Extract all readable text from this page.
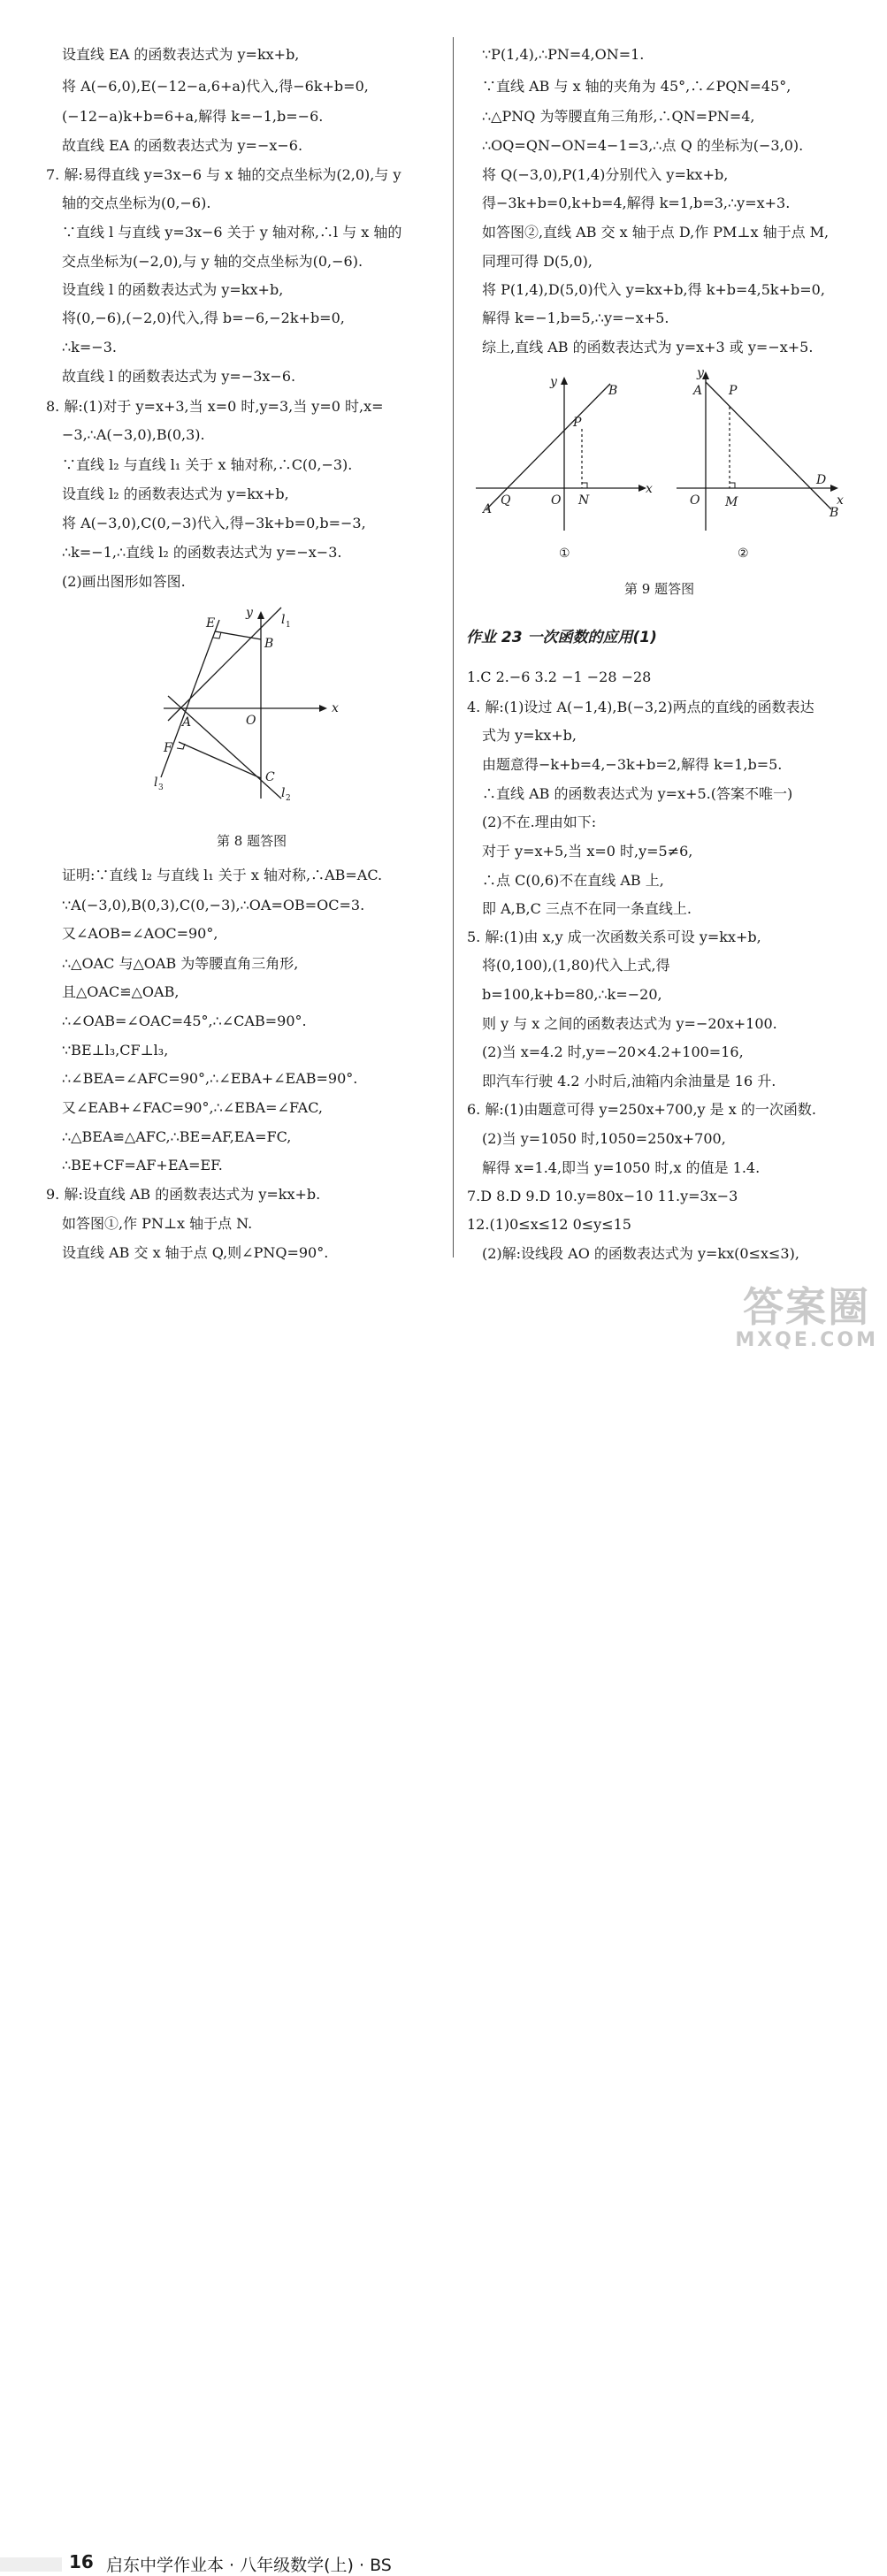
设直线 EA 的函数表达式为 y=kx+b,
将 A(−6,0),E(−12−a,6+a)代入,得−6k+b=0,
(−12−a)k+b=6+a,解得 k=−1,b=−6.
故直线 EA 的函数表达式为 y=−x−6.
7. 解:易得直线 y=3x−6 与 x 轴的交点坐标为(2,0),与 y
轴的交点坐标为(0,−6).
∵直线 l 与直线 y=3x−6 关于 y 轴对称,∴l 与 x 轴的
交点坐标为(−2,0),与 y 轴的交点坐标为(0,−6).
设直线 l 的函数表达式为 y=kx+b,
将(0,−6),(−2,0)代入,得 b=−6,−2k+b=0,
∴k=−3.
故直线 l 的函数表达式为 y=−3x−6.
8. 解:(1)对于 y=x+3,当 x=0 时,y=3,当 y=0 时,x=
−3,∴A(−3,0),B(0,3).
∵直线 l₂ 与直线 l₁ 关于 x 轴对称,∴C(0,−3).
设直线 l₂ 的函数表达式为 y=kx+b,
将 A(−3,0),C(0,−3)代入,得−3k+b=0,b=−3,
∴k=−1,∴直线 l₂ 的函数表达式为 y=−x−3.
(2)画出图形如答图.
E
B
y l 1
A	O
x
F
C
l 3	l 2
第 8 题答图
证明:∵直线 l₂ 与直线 l₁ 关于 x 轴对称,∴AB=AC.
∵A(−3,0),B(0,3),C(0,−3),∴OA=OB=OC=3.
又∠AOB=∠AOC=90°,
∴△OAC 与△OAB 为等腰直角三角形,
且△OAC≌△OAB,
∴∠OAB=∠OAC=45°,∴∠CAB=90°.
∵BE⊥l₃,CF⊥l₃,
∴∠BEA=∠AFC=90°,∴∠EBA+∠EAB=90°.
又∠EAB+∠FAC=90°,∴∠EBA=∠FAC,
∴△BEA≌△AFC,∴BE=AF,EA=FC,
∴BE+CF=AF+EA=EF.
9. 解:设直线 AB 的函数表达式为 y=kx+b.
如答图①,作 PN⊥x 轴于点 N.
设直线 AB 交 x 轴于点 Q,则∠PNQ=90°.
∵P(1,4),∴PN=4,ON=1.
∵直线 AB 与 x 轴的夹角为 45°,∴∠PQN=45°,
∴△PNQ 为等腰直角三角形,∴QN=PN=4,
∴OQ=QN−ON=4−1=3,∴点 Q 的坐标为(−3,0).
将 Q(−3,0),P(1,4)分别代入 y=kx+b,
得−3k+b=0,k+b=4,解得 k=1,b=3,∴y=x+3.
如答图②,直线 AB 交 x 轴于点 D,作 PM⊥x 轴于点 M,
同理可得 D(5,0),
将 P(1,4),D(5,0)代入 y=kx+b,得 k+b=4,5k+b=0,
解得 k=−1,b=5,∴y=−x+5.
综上,直线 AB 的函数表达式为 y=x+3 或 y=−x+5.
y
P
B
A
Q	O N
x
①
y
A P
D
B
O M	x
②
第 9 题答图
作业 23 一次函数的应用(1)
1.C 2.−6 3.2 −1 −28 −28
4. 解:(1)设过 A(−1,4),B(−3,2)两点的直线的函数表达
式为 y=kx+b,
由题意得−k+b=4,−3k+b=2,解得 k=1,b=5.
∴直线 AB 的函数表达式为 y=x+5.(答案不唯一)
(2)不在.理由如下:
对于 y=x+5,当 x=0 时,y=5≠6,
∴点 C(0,6)不在直线 AB 上,
即 A,B,C 三点不在同一条直线上.
5. 解:(1)由 x,y 成一次函数关系可设 y=kx+b,
将(0,100),(1,80)代入上式,得
b=100,k+b=80,∴k=−20,
则 y 与 x 之间的函数表达式为 y=−20x+100.
(2)当 x=4.2 时,y=−20×4.2+100=16,
即汽车行驶 4.2 小时后,油箱内余油量是 16 升.
6. 解:(1)由题意可得 y=250x+700,y 是 x 的一次函数.
(2)当 y=1050 时,1050=250x+700,
解得 x=1.4,即当 y=1050 时,x 的值是 1.4.
7.D 8.D 9.D 10.y=80x−10 11.y=3x−3
12.(1)0≤x≤12 0≤y≤15
(2)解:设线段 AO 的函数表达式为 y=kx(0≤x≤3),
16 启东中学作业本 · 八年级数学(上) · BS
答案圈
MXQE.COM
